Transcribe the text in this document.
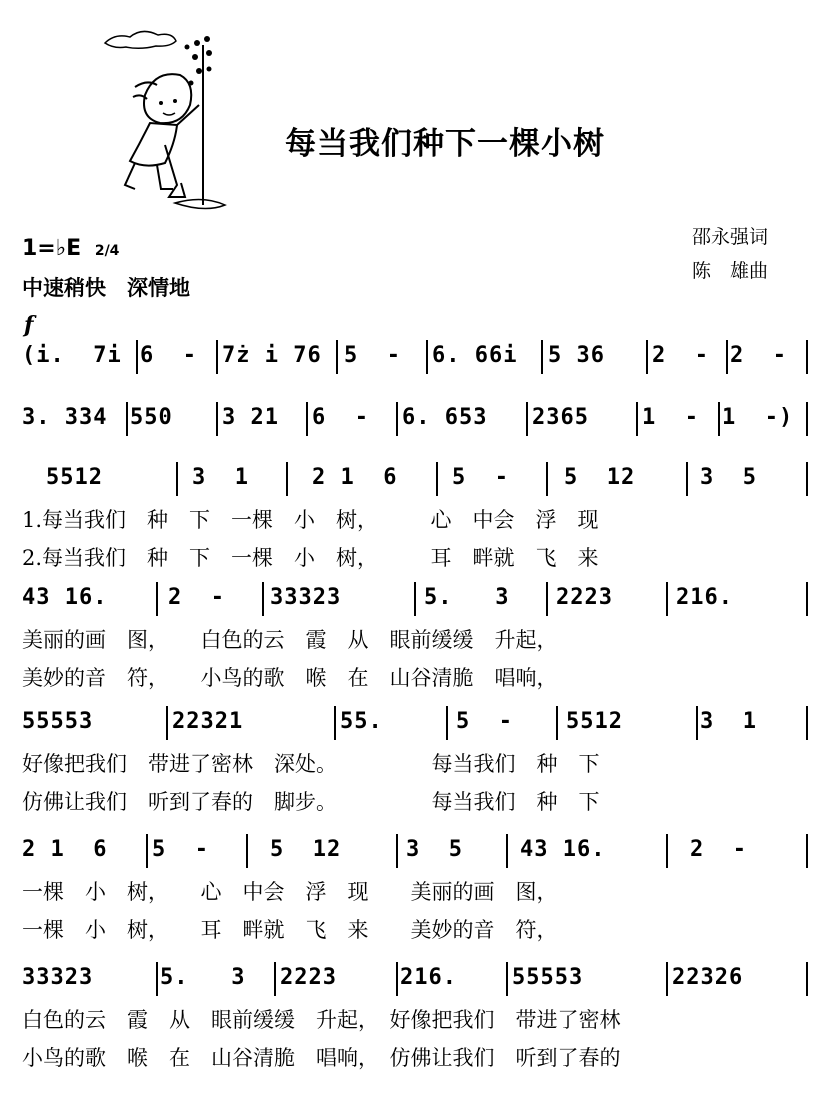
每当我们种下一棵小树
邵永强词
陈　雄曲
1=♭E 2/4
中速稍快　深情地
f
(i.  7i 6  - 7ż i 76 5  - 6. 66i 5 36 2  - 2  -
3. 334 550 3 21 6  - 6. 653 2365 1  - 1  -)
5512	3  1	2 1  6 5  -	5  12	3  5
1.每当我们　种　下　一棵　小　树，　　　心　中会　浮　现
2.每当我们　种　下　一棵　小　树，　　　耳　畔就　飞　来
43 16.	2  - 33323	5.   3 2223	216.
美丽的画　图，　　白色的云　霞　从　眼前缓缓　升起，
美妙的音　符，　　小鸟的歌　喉　在　山谷清脆　唱响，
55553	22321	55.	5  - 5512	3  1
好像把我们　带进了密林　深处。　　　　　每当我们　种　下
仿佛让我们　听到了春的　脚步。　　　　　每当我们　种　下
2 1  6 5  -	5  12	3  5	43 16.	2  -
一棵　小　树，　　心　中会　浮　现　　美丽的画　图，
一棵　小　树，　　耳　畔就　飞　来　　美妙的音　符，
33323	5.   3 2223	216.	55553	22326
白色的云　霞　从　眼前缓缓　升起，　好像把我们　带进了密林
小鸟的歌　喉　在　山谷清脆　唱响，　仿佛让我们　听到了春的
